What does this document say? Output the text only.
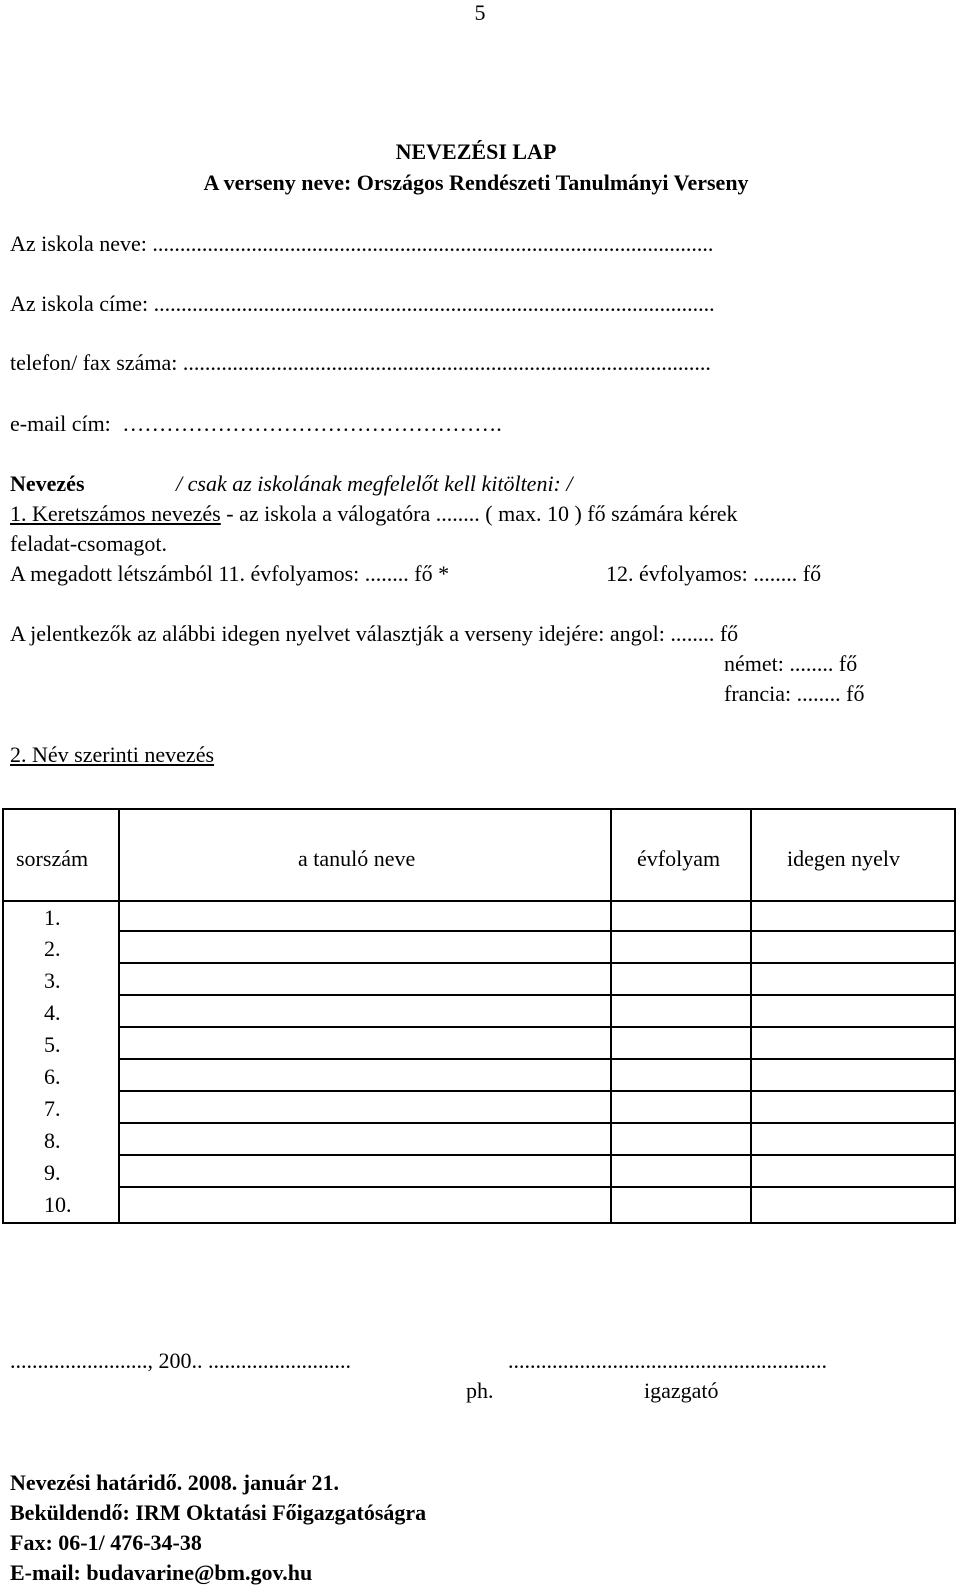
5
NEVEZÉSI LAP
A verseny neve: Országos Rendészeti Tanulmányi Verseny
Az iskola neve: ......................................................................................................
Az iskola címe: ......................................................................................................
telefon/ fax száma: ................................................................................................
e-mail cím: …………………………………………….
Nevezés	/ csak az iskolának megfelelőt kell kitölteni: /
1. Keretszámos nevezés - az iskola a válogatóra ........ ( max. 10 ) fő számára kérek
feladat-csomagot.
A megadott létszámból 11. évfolyamos: ........ fő *	12. évfolyamos: ........ fő
A jelentkezők az alábbi idegen nyelvet választják a verseny idejére: angol: ........ fő
német: ........ fő
francia: ........ fő
2. Név szerinti nevezés
sorszám	a tanuló neve	évfolyam	idegen nyelv
1.
2.
3.
4.
5.
6.
7.
8.
9.
10.
........................., 200.. ..........................	..........................................................
ph.	igazgató
Nevezési határidő. 2008. január 21.
Beküldendő: IRM Oktatási Főigazgatóságra
Fax: 06-1/ 476-34-38
E-mail: budavarine@bm.gov.hu
